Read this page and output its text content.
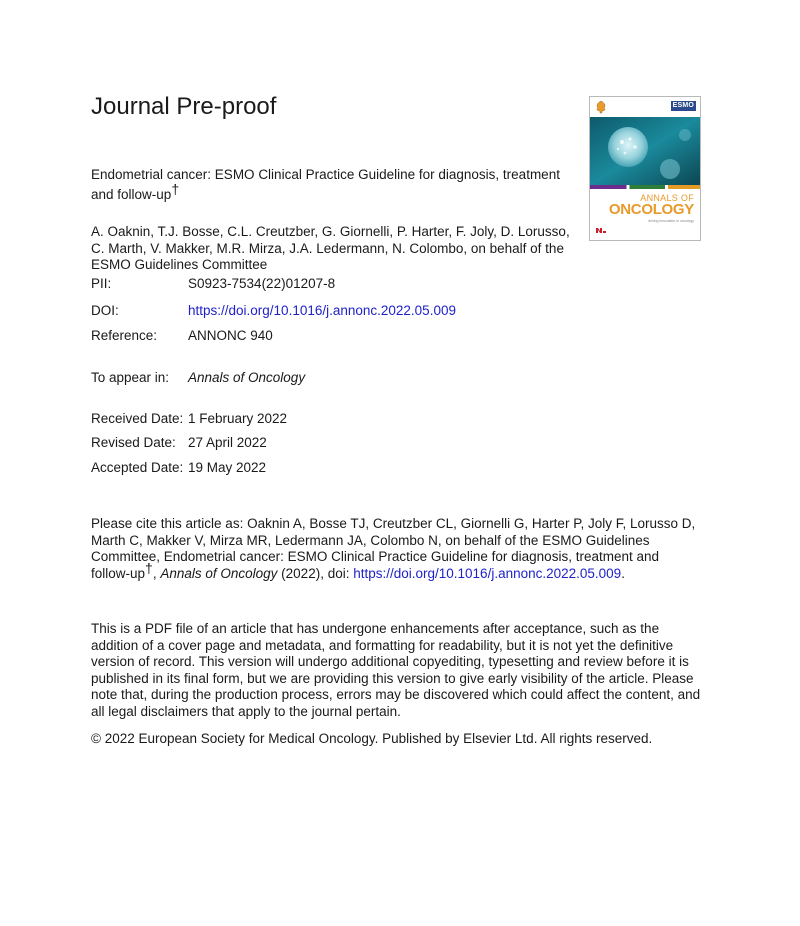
Journal Pre-proof
Endometrial cancer: ESMO Clinical Practice Guideline for diagnosis, treatment and follow-up†
A. Oaknin, T.J. Bosse, C.L. Creutzber, G. Giornelli, P. Harter, F. Joly, D. Lorusso, C. Marth, V. Makker, M.R. Mirza, J.A. Ledermann, N. Colombo, on behalf of the ESMO Guidelines Committee
PII:	S0923-7534(22)01207-8
DOI:	https://doi.org/10.1016/j.annonc.2022.05.009
Reference: ANNONC 940
To appear in: Annals of Oncology
Received Date: 1 February 2022
Revised Date: 27 April 2022
Accepted Date: 19 May 2022
Please cite this article as: Oaknin A, Bosse TJ, Creutzber CL, Giornelli G, Harter P, Joly F, Lorusso D, Marth C, Makker V, Mirza MR, Ledermann JA, Colombo N, on behalf of the ESMO Guidelines Committee, Endometrial cancer: ESMO Clinical Practice Guideline for diagnosis, treatment and follow-up†, Annals of Oncology (2022), doi: https://doi.org/10.1016/j.annonc.2022.05.009.
This is a PDF file of an article that has undergone enhancements after acceptance, such as the addition of a cover page and metadata, and formatting for readability, but it is not yet the definitive version of record. This version will undergo additional copyediting, typesetting and review before it is published in its final form, but we are providing this version to give early visibility of the article. Please note that, during the production process, errors may be discovered which could affect the content, and all legal disclaimers that apply to the journal pertain.
© 2022 European Society for Medical Oncology. Published by Elsevier Ltd. All rights reserved.
ESMO
ANNALS OF
ONCOLOGY
driving innovation in oncology
